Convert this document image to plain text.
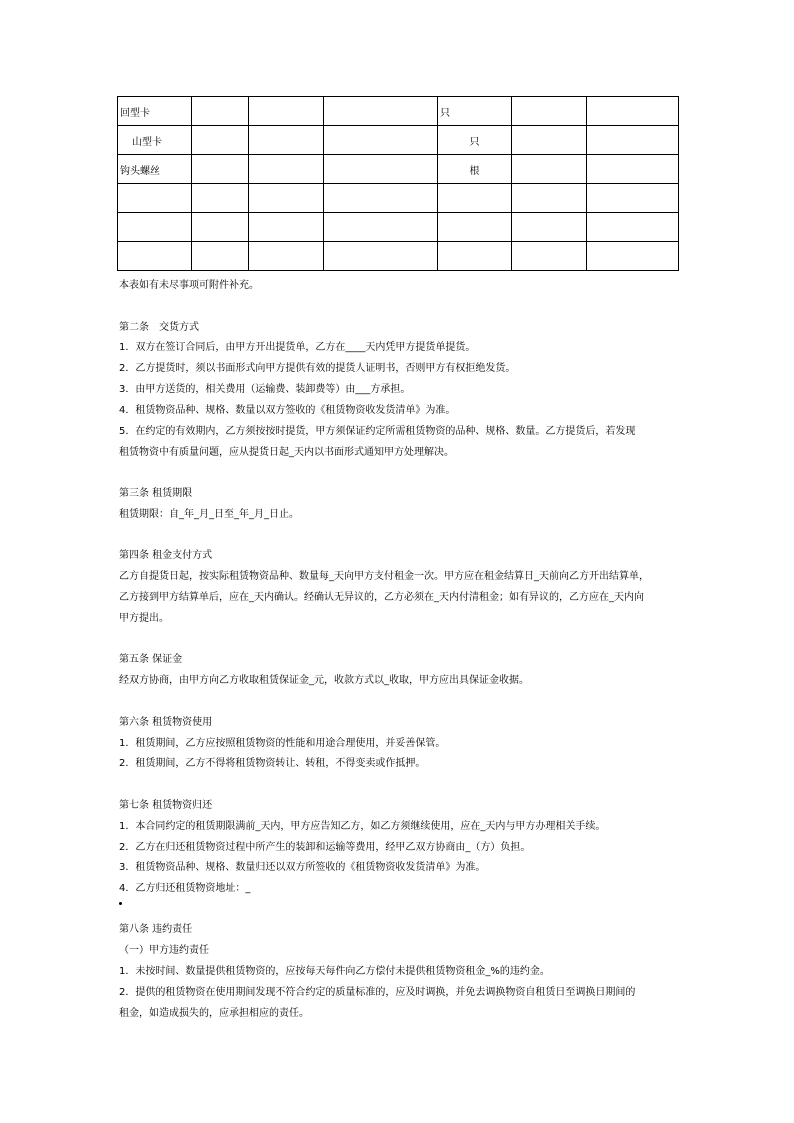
回型卡				只		
山型卡				只		
钩头螺丝				根		

本表如有未尽事项可附件补充。
第二条　交货方式
1．双方在签订合同后，由甲方开出提货单，乙方在____天内凭甲方提货单提货。
2．乙方提货时，须以书面形式向甲方提供有效的提货人证明书，否则甲方有权拒绝发货。
3．由甲方送货的，相关费用（运输费、装卸费等）由___方承担。
4．租赁物资品种、规格、数量以双方签收的《租赁物资收发货清单》为准。
5．在约定的有效期内，乙方须按按时提货，甲方须保证约定所需租赁物资的品种、规格、数量。乙方提货后，若发现
租赁物资中有质量问题，应从提货日起_天内以书面形式通知甲方处理解决。
第三条 租赁期限
租赁期限：自_年_月_日至_年_月_日止。
第四条 租金支付方式
乙方自提货日起，按实际租赁物资品种、数量每_天向甲方支付租金一次。甲方应在租金结算日_天前向乙方开出结算单，
乙方接到甲方结算单后，应在_天内确认。经确认无异议的，乙方必须在_天内付清租金；如有异议的，乙方应在_天内向
甲方提出。
第五条 保证金
经双方协商，由甲方向乙方收取租赁保证金_元，收款方式以_收取，甲方应出具保证金收据。
第六条 租赁物资使用
1．租赁期间，乙方应按照租赁物资的性能和用途合理使用，并妥善保管。
2．租赁期间，乙方不得将租赁物资转让、转租，不得变卖或作抵押。
第七条 租赁物资归还
1．本合同约定的租赁期限满前_天内，甲方应告知乙方，如乙方须继续使用，应在_天内与甲方办理相关手续。
2．乙方在归还租赁物资过程中所产生的装卸和运输等费用，经甲乙双方协商由_（方）负担。
3．租赁物资品种、规格、数量归还以双方所签收的《租赁物资收发货清单》为准。
4．乙方归还租赁物资地址：_
第八条 违约责任
（一）甲方违约责任
1．未按时间、数量提供租赁物资的，应按每天每件向乙方偿付未提供租赁物资租金_%的违约金。
2．提供的租赁物资在使用期间发现不符合约定的质量标准的，应及时调换，并免去调换物资自租赁日至调换日期间的
租金，如造成损失的，应承担相应的责任。
